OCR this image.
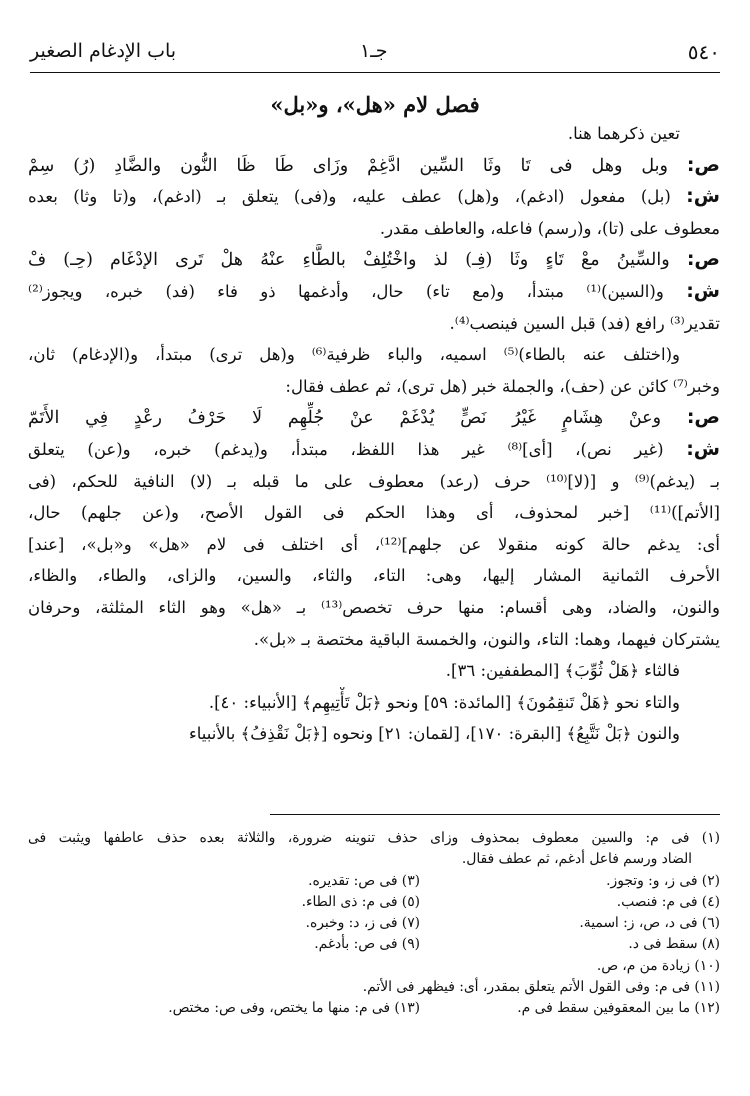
٥٤٠
جـ١
باب الإدغام الصغير
فصل لام «هل»، و«بل»
تعين ذكرهما هنا.
ص: وبل وهل فى تَا وثَا السِّين ادَّغِمْ وزَاى طَا ظَا النُّون والضَّادِ (رُ) سِمْ
ش: (بل) مفعول (ادغم)، و(هل) عطف عليه، و(فى) يتعلق بـ (ادغم)، و(تا وثا) بعده
معطوف على (تا)، و(رسم) فاعله، والعاطف مقدر.
ص: والسِّينُ معْ تَاءٍ وثَا (فِـ) لذ واخْتُلِفْ بالطَّاءِ عنْهُ هلْ تَرى الإدْغَام (حِـ) فْ
ش: و(السين)⁽¹⁾ مبتدأ، و(مع تاء) حال، وأدغمها ذو فاء (فد) خبره، ويجوز⁽²⁾
تقدير⁽³⁾ رافع (فد) قبل السين فينصب⁽⁴⁾.
و(اختلف عنه بالطاء)⁽⁵⁾ اسميه، والباء ظرفية⁽⁶⁾ و(هل ترى) مبتدأ، و(الإدغام) ثان،
وخبر⁽⁷⁾ كائن عن (حف)، والجملة خبر (هل ترى)، ثم عطف فقال:
ص: وعنْ هِشَامٍ غَيْرُ نَصٍّ يُدْغَمْ عنْ جُلِّهِم لَا حَرْفُ رعْدٍ فِي الأَتَمّ
ش: (غير نص)، [أى]⁽⁸⁾ غير هذا اللفظ، مبتدأ، و(يدغم) خبره، و(عن) يتعلق
بـ (يدغم)⁽⁹⁾ و [(لا]⁽¹⁰⁾ حرف (رعد) معطوف على ما قبله بـ (لا) النافية للحكم، (فى
[الأتم])⁽¹¹⁾ [خبر لمحذوف، أى وهذا الحكم فى القول الأصح، و(عن جلهم) حال،
أى: يدغم حالة كونه منقولا عن جلهم]⁽¹²⁾، أى اختلف فى لام «هل» و«بل»، [عند]
الأحرف الثمانية المشار إليها، وهى: التاء، والثاء، والسين، والزاى، والطاء، والظاء،
والنون، والضاد، وهى أقسام: منها حرف تخصص⁽¹³⁾ بـ «هل» وهو الثاء المثلثة، وحرفان
يشتركان فيهما، وهما: التاء، والنون، والخمسة الباقية مختصة بـ «بل».
فالثاء ﴿هَلْ ثُوِّبَ﴾ [المطففين: ٣٦].
والتاء نحو ﴿هَلْ تَنقِمُونَ﴾ [المائدة: ٥٩] ونحو ﴿بَلْ تَأْتِيهِم﴾ [الأنبياء: ٤٠].
والنون ﴿بَلْ نَتَّبِعُ﴾ [البقرة: ١٧٠]، [لقمان: ٢١] ونحوه [﴿بَلْ نَقْذِفُ﴾ بالأنبياء
(١) فى م: والسين معطوف بمحذوف وزاى حذف تنوينه ضرورة، والثلاثة بعده حذف عاطفها ويثبت فى
الضاد ورسم فاعل أدغم، ثم عطف فقال.
(٢) فى ز، و: وتجوز.(٣) فى ص: تقديره.
(٤) فى م: فنصب.(٥) فى م: ذى الطاء.
(٦) فى د، ص، ز: اسمية.(٧) فى ز، د: وخبره.
(٨) سقط فى د.(٩) فى ص: بأدغم.
(١٠) زيادة من م، ص.
(١١) فى م: وفى القول الأتم يتعلق بمقدر، أى: فيظهر فى الأتم.
(١٢) ما بين المعقوفين سقط فى م.(١٣) فى م: منها ما يختص، وفى ص: مختص.
